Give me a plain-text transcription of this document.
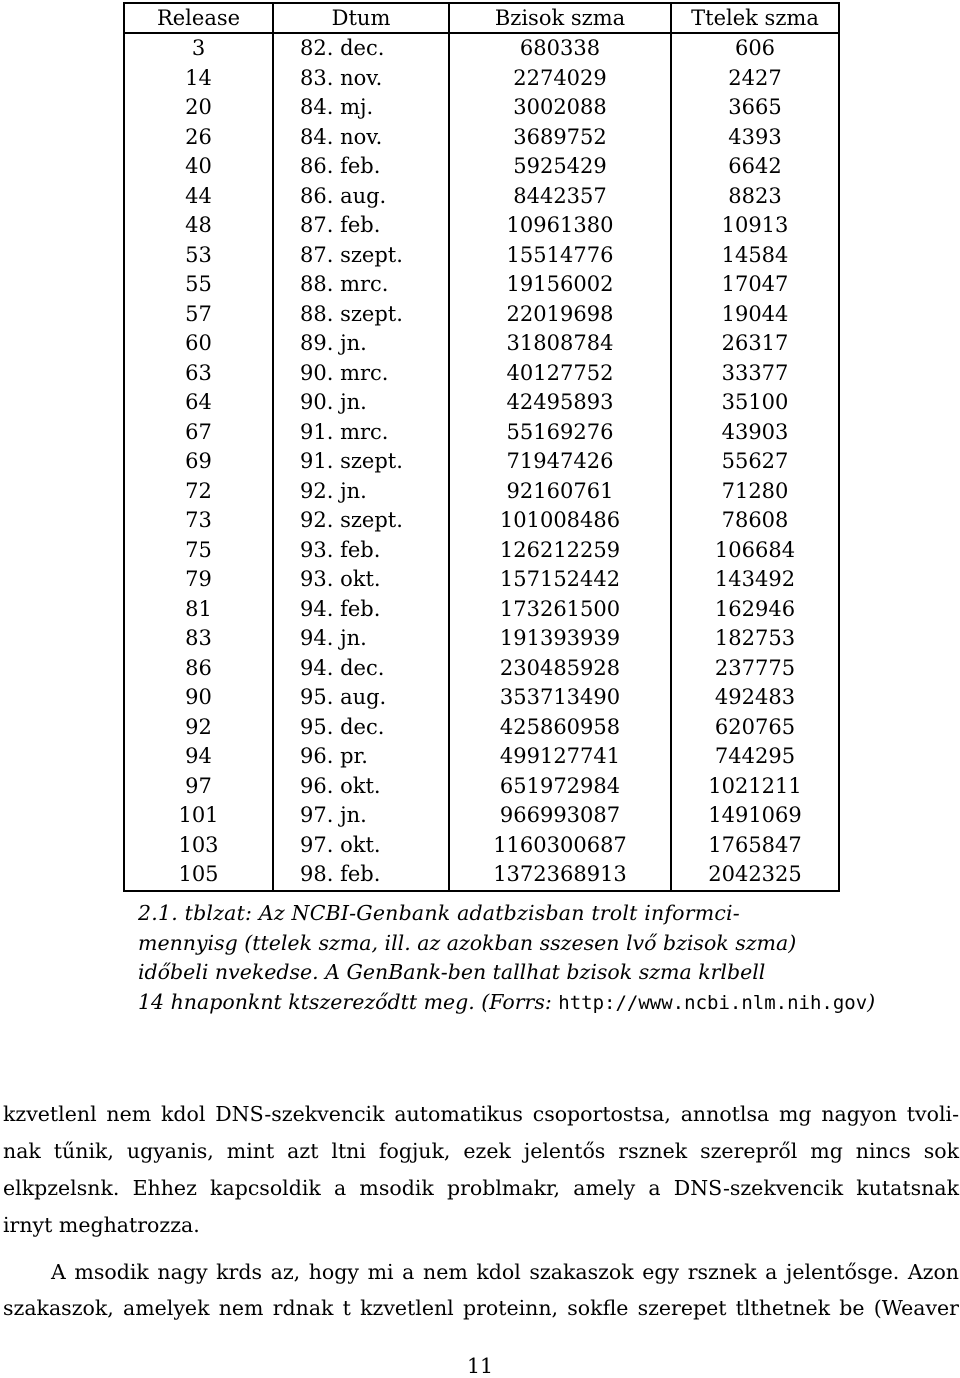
Release	Dtum	Bzisok szma	Ttelek szma
3	82. dec.	680338	606
14	83. nov.	2274029	2427
20	84. mj.	3002088	3665
26	84. nov.	3689752	4393
40	86. feb.	5925429	6642
44	86. aug.	8442357	8823
48	87. feb.	10961380	10913
53	87. szept.	15514776	14584
55	88. mrc.	19156002	17047
57	88. szept.	22019698	19044
60	89. jn.	31808784	26317
63	90. mrc.	40127752	33377
64	90. jn.	42495893	35100
67	91. mrc.	55169276	43903
69	91. szept.	71947426	55627
72	92. jn.	92160761	71280
73	92. szept.	101008486	78608
75	93. feb.	126212259	106684
79	93. okt.	157152442	143492
81	94. feb.	173261500	162946
83	94. jn.	191393939	182753
86	94. dec.	230485928	237775
90	95. aug.	353713490	492483
92	95. dec.	425860958	620765
94	96. pr.	499127741	744295
97	96. okt.	651972984	1021211
101	97. jn.	966993087	1491069
103	97. okt.	1160300687	1765847
105	98. feb.	1372368913	2042325
2.1. tblzat: Az NCBI-Genbank adatbzisban trolt informci-
mennyisg (ttelek szma, ill. az azokban sszesen lvő bzisok szma)
időbeli nvekedse. A GenBank-ben tallhat bzisok szma krlbell
14 hnaponknt ktszereződtt meg. (Forrs: http://www.ncbi.nlm.nih.gov)
kzvetlenl nem kdol DNS-szekvencik automatikus csoportostsa, annotlsa mg nagyon tvoli-
nak tűnik, ugyanis, mint azt ltni fogjuk, ezek jelentős rsznek szerepről mg nincs sok
elkpzelsnk. Ehhez kapcsoldik a msodik problmakr, amely a DNS-szekvencik kutatsnak
irnyt meghatrozza.
A msodik nagy krds az, hogy mi a nem kdol szakaszok egy rsznek a jelentősge. Azon
szakaszok, amelyek nem rdnak t kzvetlenl proteinn, sokfle szerepet tlthetnek be (Weaver
11
